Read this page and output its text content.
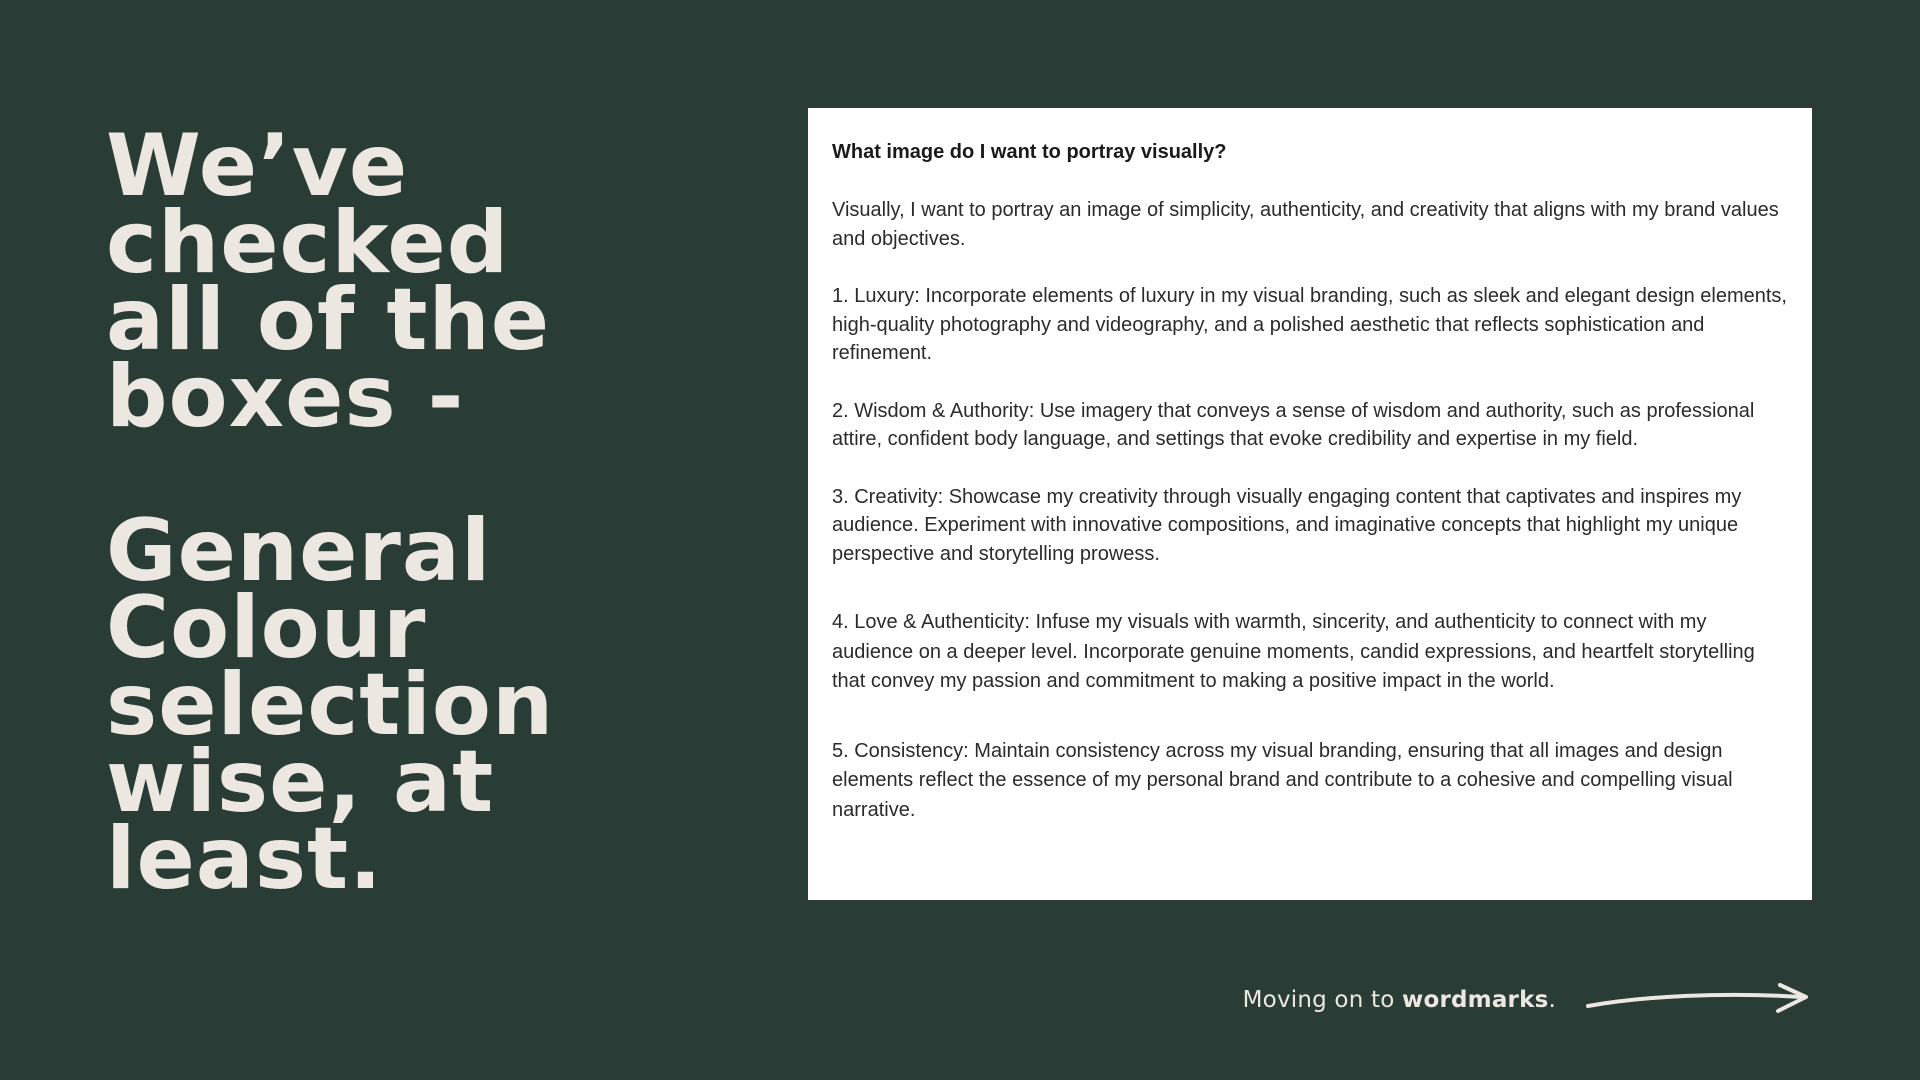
We’ve
checked
all of the
boxes -
General
Colour
selection
wise, at
least.

What image do I want to portray visually?

Visually, I want to portray an image of simplicity, authenticity, and creativity that aligns with my brand values and objectives.

1. Luxury: Incorporate elements of luxury in my visual branding, such as sleek and elegant design elements, high-quality photography and videography, and a polished aesthetic that reflects sophistication and refinement.

2. Wisdom & Authority: Use imagery that conveys a sense of wisdom and authority, such as professional attire, confident body language, and settings that evoke credibility and expertise in my field.

3. Creativity: Showcase my creativity through visually engaging content that captivates and inspires my audience. Experiment with innovative compositions, and imaginative concepts that highlight my unique perspective and storytelling prowess.

4. Love & Authenticity: Infuse my visuals with warmth, sincerity, and authenticity to connect with my audience on a deeper level. Incorporate genuine moments, candid expressions, and heartfelt storytelling that convey my passion and commitment to making a positive impact in the world.

5. Consistency: Maintain consistency across my visual branding, ensuring that all images and design elements reflect the essence of my personal brand and contribute to a cohesive and compelling visual narrative.

Moving on to wordmarks.
